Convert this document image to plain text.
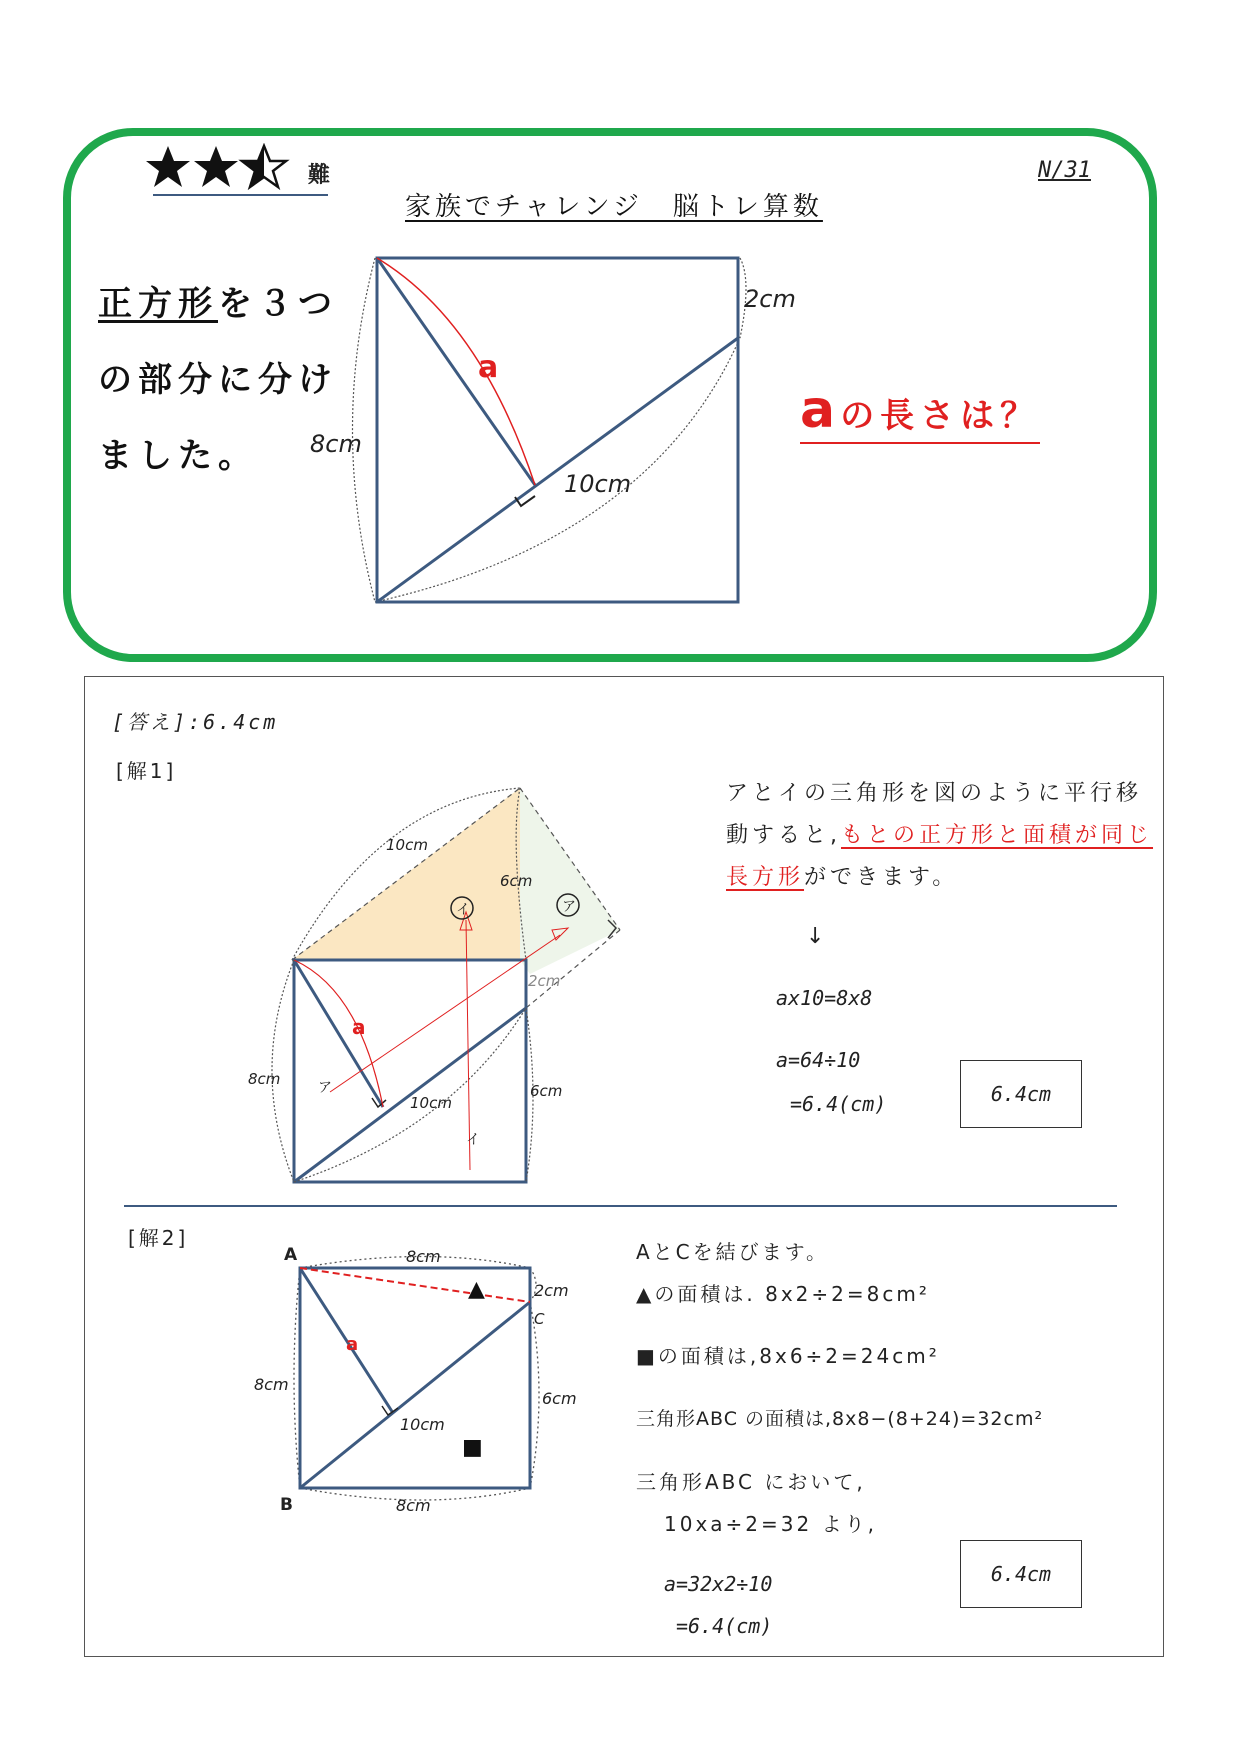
難	N/31
家族でチャレンジ　脳トレ算数
正方形を３つ
の部分に分け
ました。
a の長さは？
a
2cm
8cm
10cm
[答え]:6.4cm
[解1]
イ	ア
10cm
6cm
2cm
a
8cm	ア
10cm
6cm
イ
アとイの三角形を図のように平行移
動すると,もとの正方形と面積が同じ
長方形ができます。
↓
ax10=8x8
a=64÷10
=6.4(cm)	6.4cm
[解2]
A
B
C
8cm
2cm
a
8cm
6cm
10cm
8cm
▲
■
AとCを結びます。
▲の面積は. 8x2÷2=8cm²
■の面積は,8x6÷2=24cm²
三角形ABC の面積は,8x8−(8+24)=32cm²
三角形ABC において,
10xa÷2=32 より,
a=32x2÷10
=6.4(cm)
6.4cm
